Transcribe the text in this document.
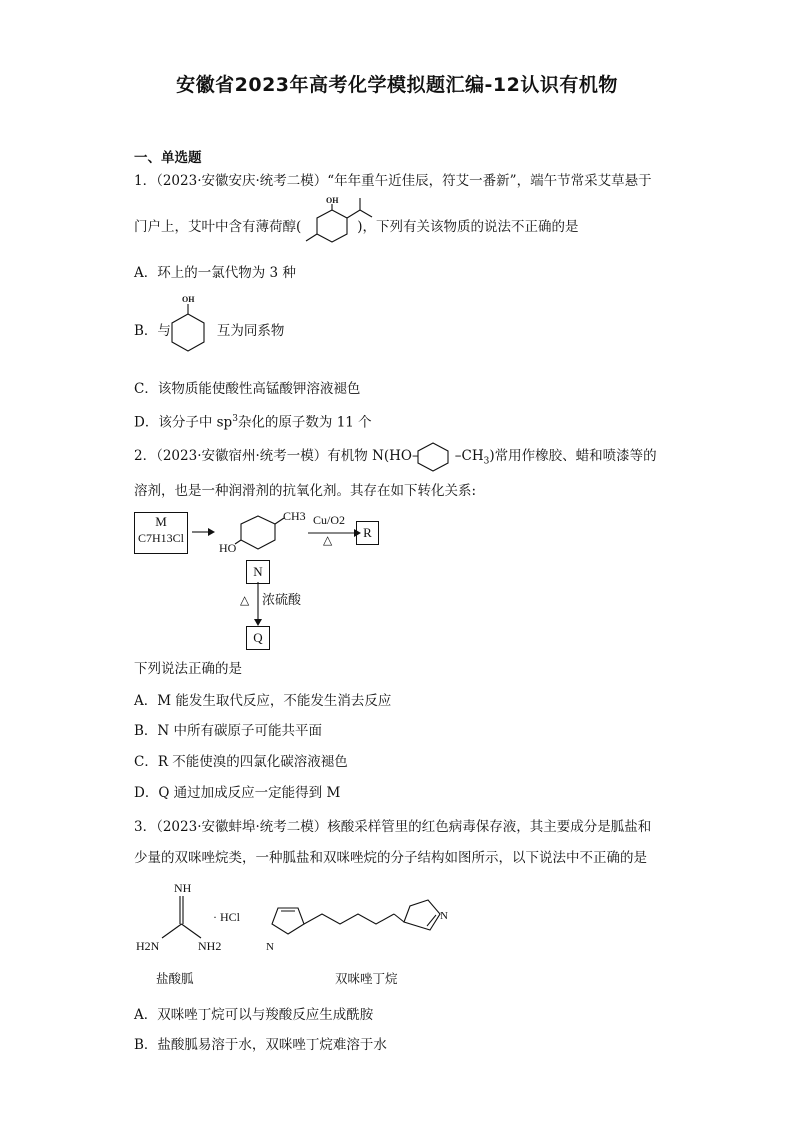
安徽省2023年高考化学模拟题汇编-12认识有机物
一、单选题
1．（2023·安徽安庆·统考二模）“年年重午近佳辰，符艾一番新”，端午节常采艾草悬于
门户上，艾叶中含有薄荷醇(	)，下列有关该物质的说法不正确的是
OH
A．环上的一氯代物为 3 种
B．与	互为同系物
OH
C．该物质能使酸性高锰酸钾溶液褪色
D．该分子中 $sp^3$杂化的原子数为 11 个
2．（2023·安徽宿州·统考一模）有机物 N(HO–	$-CH_3$)常用作橡胶、蜡和喷漆等的
溶剂，也是一种润滑剂的抗氧化剂。其存在如下转化关系:
M
C7H13Cl
CH3
HO
Cu/O2
△	R
N
△ 浓硫酸
Q
下列说法正确的是
A．M 能发生取代反应，不能发生消去反应
B．N 中所有碳原子可能共平面
C．R 不能使溴的四氯化碳溶液褪色
D．Q 通过加成反应一定能得到 M
3．（2023·安徽蚌埠·统考二模）核酸采样管里的红色病毒保存液，其主要成分是胍盐和
少量的双咪唑烷类，一种胍盐和双咪唑烷的分子结构如图所示，以下说法中不正确的是
NH
H2N	NH2
· HCl
N
N
盐酸胍	双咪唑丁烷
A．双咪唑丁烷可以与羧酸反应生成酰胺
B．盐酸胍易溶于水，双咪唑丁烷难溶于水
